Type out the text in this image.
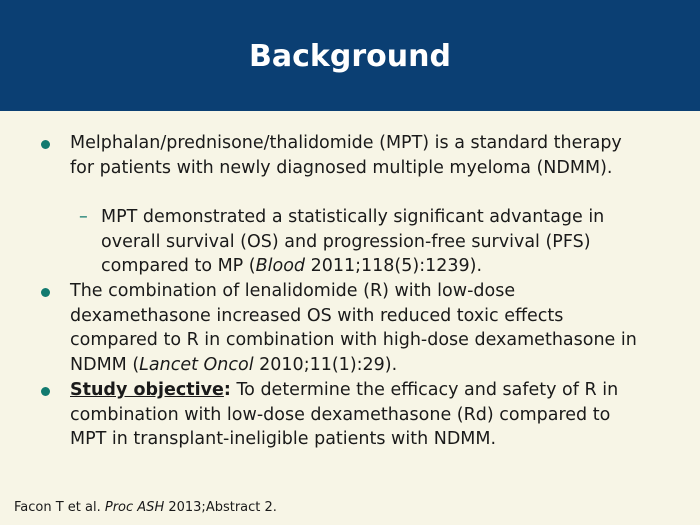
Background
Melphalan/prednisone/thalidomide (MPT) is a standard therapy for patients with newly diagnosed multiple myeloma (NDMM).
– MPT demonstrated a statistically significant advantage in overall survival (OS) and progression-free survival (PFS) compared to MP (Blood 2011;118(5):1239).
The combination of lenalidomide (R) with low-dose dexamethasone increased OS with reduced toxic effects compared to R in combination with high-dose dexamethasone in NDMM (Lancet Oncol 2010;11(1):29).
Study objective: To determine the efficacy and safety of R in combination with low-dose dexamethasone (Rd) compared to MPT in transplant-ineligible patients with NDMM.
Facon T et al. Proc ASH 2013;Abstract 2.
